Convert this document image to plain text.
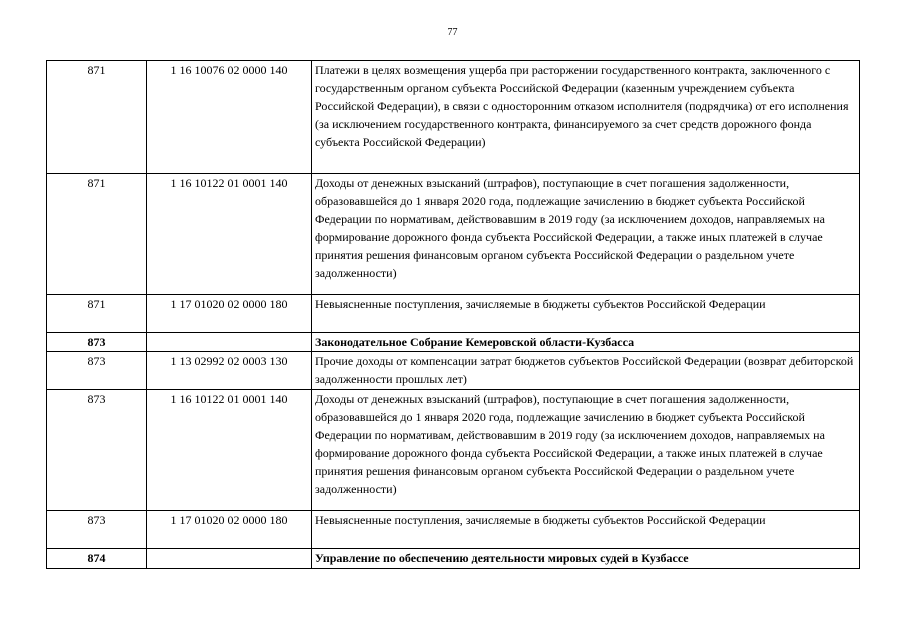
77
871	1 16 10076 02 0000 140	Платежи в целях возмещения ущерба при расторжении государственного контракта, заключенного с государственным органом субъекта Российской Федерации (казенным учреждением субъекта Российской Федерации), в связи с односторонним отказом исполнителя (подрядчика) от его исполнения (за исключением государственного контракта, финансируемого за счет средств дорожного фонда субъекта Российской Федерации)
871	1 16 10122 01 0001 140	Доходы от денежных взысканий (штрафов), поступающие в счет погашения задолженности, образовавшейся до 1 января 2020 года, подлежащие зачислению в бюджет субъекта Российской Федерации по нормативам, действовавшим в 2019 году (за исключением доходов, направляемых на формирование дорожного фонда субъекта Российской Федерации, а также иных платежей в случае принятия решения финансовым органом субъекта Российской Федерации о раздельном учете задолженности)
871	1 17 01020 02 0000 180	Невыясненные поступления, зачисляемые в бюджеты субъектов Российской Федерации
873		Законодательное Собрание Кемеровской области-Кузбасса
873	1 13 02992 02 0003 130	Прочие доходы от компенсации затрат бюджетов субъектов Российской Федерации (возврат дебиторской задолженности прошлых лет)
873	1 16 10122 01 0001 140	Доходы от денежных взысканий (штрафов), поступающие в счет погашения задолженности, образовавшейся до 1 января 2020 года, подлежащие зачислению в бюджет субъекта Российской Федерации по нормативам, действовавшим в 2019 году (за исключением доходов, направляемых на формирование дорожного фонда субъекта Российской Федерации, а также иных платежей в случае принятия решения финансовым органом субъекта Российской Федерации о раздельном учете задолженности)
873	1 17 01020 02 0000 180	Невыясненные поступления, зачисляемые в бюджеты субъектов Российской Федерации
874		Управление по обеспечению деятельности мировых судей в Кузбассе
